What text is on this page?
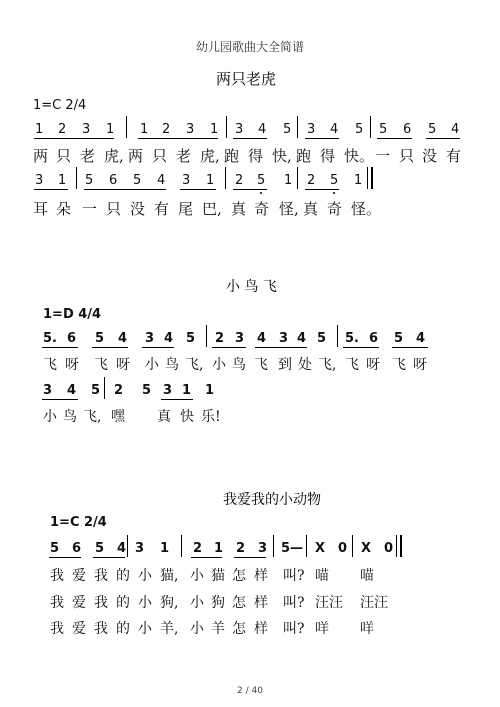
幼儿园歌曲大全简谱
两只老虎
1=C 2/4
1 2 3 1 1 2 3 1 3 4 5 3 4 5 5 6 5 4
两 只 老 虎, 两 只 老 虎, 跑 得 快, 跑 得 快。 一 只 没 有
3 1 5 6 5 4 3 1 2 5 1 2 5 1
耳 朵 一 只 没 有 尾 巴, 真 奇 怪, 真 奇 怪。
小 鸟 飞
1=D 4/4
5. 6 5 4 3 4 5 2 3 4 3 4 5 5. 6 5 4
飞 呀 飞 呀 小 鸟 飞, 小 鸟 飞 到 处 飞, 飞 呀 飞 呀
3 4 5 2 5 3 1 1
小 鸟 飞, 嘿 真 快 乐!
我爱我的小动物
1=C 2/4
5 6 5 4 3 1 2 1 2 3 5— X 0 X 0
我 爱 我 的 小 猫, 小 猫 怎 样 叫? 喵 喵
我 爱 我 的 小 狗, 小 狗 怎 样 叫? 汪汪 汪汪
我 爱 我 的 小 羊, 小 羊 怎 样 叫? 咩 咩
2 / 40
